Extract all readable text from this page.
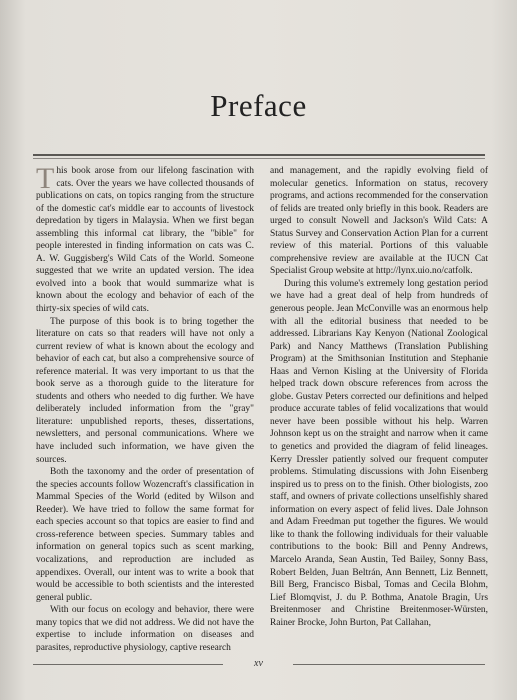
Preface

This book arose from our lifelong fascination with cats. Over the years we have collected thousands of publications on cats, on topics ranging from the structure of the domestic cat's middle ear to accounts of livestock depredation by tigers in Malaysia. When we first began assembling this informal cat library, the "bible" for people interested in finding information on cats was C. A. W. Guggisberg's Wild Cats of the World. Someone suggested that we write an updated version. The idea evolved into a book that would summarize what is known about the ecology and behavior of each of the thirty-six species of wild cats.

The purpose of this book is to bring together the literature on cats so that readers will have not only a current review of what is known about the ecology and behavior of each cat, but also a comprehensive source of reference material. It was very important to us that the book serve as a thorough guide to the literature for students and others who needed to dig further. We have deliberately included information from the "gray" literature: unpublished reports, theses, dissertations, newsletters, and personal communications. Where we have included such information, we have given the sources.

Both the taxonomy and the order of presentation of the species accounts follow Wozencraft's classification in Mammal Species of the World (edited by Wilson and Reeder). We have tried to follow the same format for each species account so that topics are easier to find and cross-reference between species. Summary tables and information on general topics such as scent marking, vocalizations, and reproduction are included as appendixes. Overall, our intent was to write a book that would be accessible to both scientists and the interested general public.

With our focus on ecology and behavior, there were many topics that we did not address. We did not have the expertise to include information on diseases and parasites, reproductive physiology, captive research

and management, and the rapidly evolving field of molecular genetics. Information on status, recovery programs, and actions recommended for the conservation of felids are treated only briefly in this book. Readers are urged to consult Nowell and Jackson's Wild Cats: A Status Survey and Conservation Action Plan for a current review of this material. Portions of this valuable comprehensive review are available at the IUCN Cat Specialist Group website at http://lynx.uio.no/catfolk.

During this volume's extremely long gestation period we have had a great deal of help from hundreds of generous people. Jean McConville was an enormous help with all the editorial business that needed to be addressed. Librarians Kay Kenyon (National Zoological Park) and Nancy Matthews (Translation Publishing Program) at the Smithsonian Institution and Stephanie Haas and Vernon Kisling at the University of Florida helped track down obscure references from across the globe. Gustav Peters corrected our definitions and helped produce accurate tables of felid vocalizations that would never have been possible without his help. Warren Johnson kept us on the straight and narrow when it came to genetics and provided the diagram of felid lineages. Kerry Dressler patiently solved our frequent computer problems. Stimulating discussions with John Eisenberg inspired us to press on to the finish. Other biologists, zoo staff, and owners of private collections unselfishly shared information on every aspect of felid lives. Dale Johnson and Adam Freedman put together the figures. We would like to thank the following individuals for their valuable contributions to the book: Bill and Penny Andrews, Marcelo Aranda, Sean Austin, Ted Bailey, Sonny Bass, Robert Belden, Juan Beltrán, Ann Bennett, Liz Bennett, Bill Berg, Francisco Bisbal, Tomas and Cecila Blohm, Lief Blomqvist, J. du P. Bothma, Anatole Bragin, Urs Breitenmoser and Christine Breitenmoser-Würsten, Rainer Brocke, John Burton, Pat Callahan,

xv
